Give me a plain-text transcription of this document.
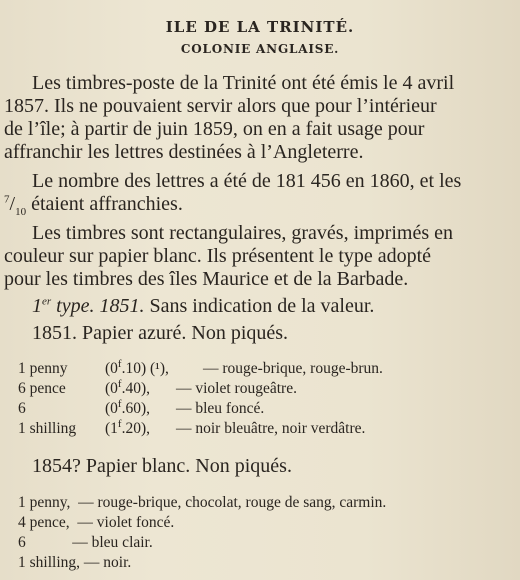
ILE DE LA TRINITÉ.
COLONIE ANGLAISE.
Les timbres-poste de la Trinité ont été émis le 4 avril
1857. Ils ne pouvaient servir alors que pour l’intérieur
de l’île; à partir de juin 1859, on en a fait usage pour
affranchir les lettres destinées à l’Angleterre.
Le nombre des lettres a été de 181 456 en 1860, et les
$^7/_{10}$ étaient affranchies.
Les timbres sont rectangulaires, gravés, imprimés en
couleur sur papier blanc. Ils présentent le type adopté
pour les timbres des îles Maurice et de la Barbade.
1er type. 1851. Sans indication de la valeur.
1851. Papier azuré. Non piqués.
1 penny (0$^f$.10) (¹), — rouge-brique, rouge-brun.
6 pence	(0$^f$.40), — violet rougeâtre.
6	(0$^f$.60), — bleu foncé.
1 shilling (1$^f$.20), — noir bleuâtre, noir verdâtre.
1854? Papier blanc. Non piqués.
1 penny,  — rouge-brique, chocolat, rouge de sang, carmin.
4 pence,  — violet foncé.
6            — bleu clair.
1 shilling, — noir.
